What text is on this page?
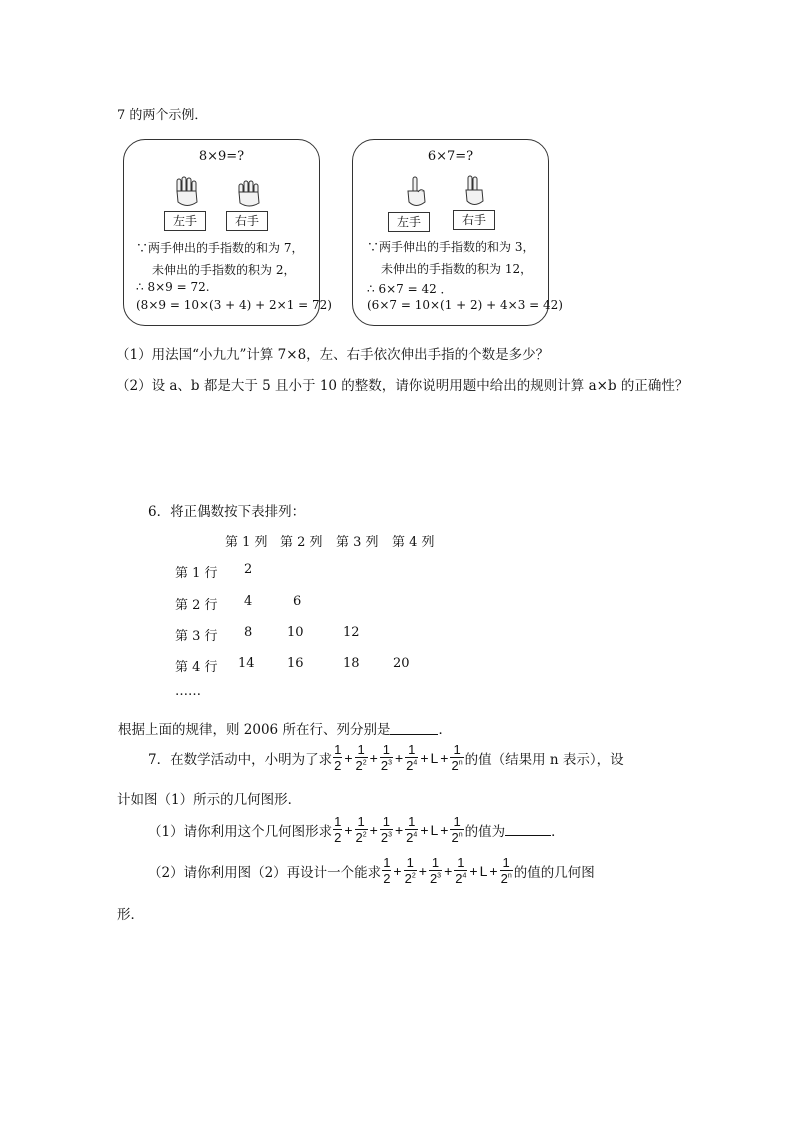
7 的两个示例．
8×9=?
左手	右手
∵两手伸出的手指数的和为 7，
未伸出的手指数的积为 2，
∴ 8×9 = 72.
(8×9 = 10×(3 + 4) + 2×1 = 72)
6×7=?
左手	右手
∵两手伸出的手指数的和为 3，
未伸出的手指数的积为 12，
∴ 6×7 = 42 ．
(6×7 = 10×(1 + 2) + 4×3 = 42)
（1）用法国“小九九”计算 7×8，左、右手依次伸出手指的个数是多少？
（2）设 a、b 都是大于 5 且小于 10 的整数，请你说明用题中给出的规则计算 a×b 的正确性？
6．将正偶数按下表排列：
第 1 列 第 2 列 第 3 列 第 4 列
第 1 行 2
第 2 行 4	6
第 3 行 8	10	12
第 4 行 14 16	18	20
……
根据上面的规律，则 2006 所在行、列分别是	．
7．在数学活动中，小明为了求 $\frac{1}{2} + \frac{1}{2^2} + \frac{1}{2^3} + \frac{1}{2^4} + L + \frac{1}{2^n}$ 的值（结果用 n 表示），设
计如图（1）所示的几何图形．
（1）请你利用这个几何图形求 $\frac{1}{2} + \frac{1}{2^2} + \frac{1}{2^3} + \frac{1}{2^4} + L + \frac{1}{2^n}$ 的值为	．
（2）请你利用图（2）再设计一个能求 $\frac{1}{2} + \frac{1}{2^2} + \frac{1}{2^3} + \frac{1}{2^4} + L + \frac{1}{2^n}$ 的值的几何图
形．
